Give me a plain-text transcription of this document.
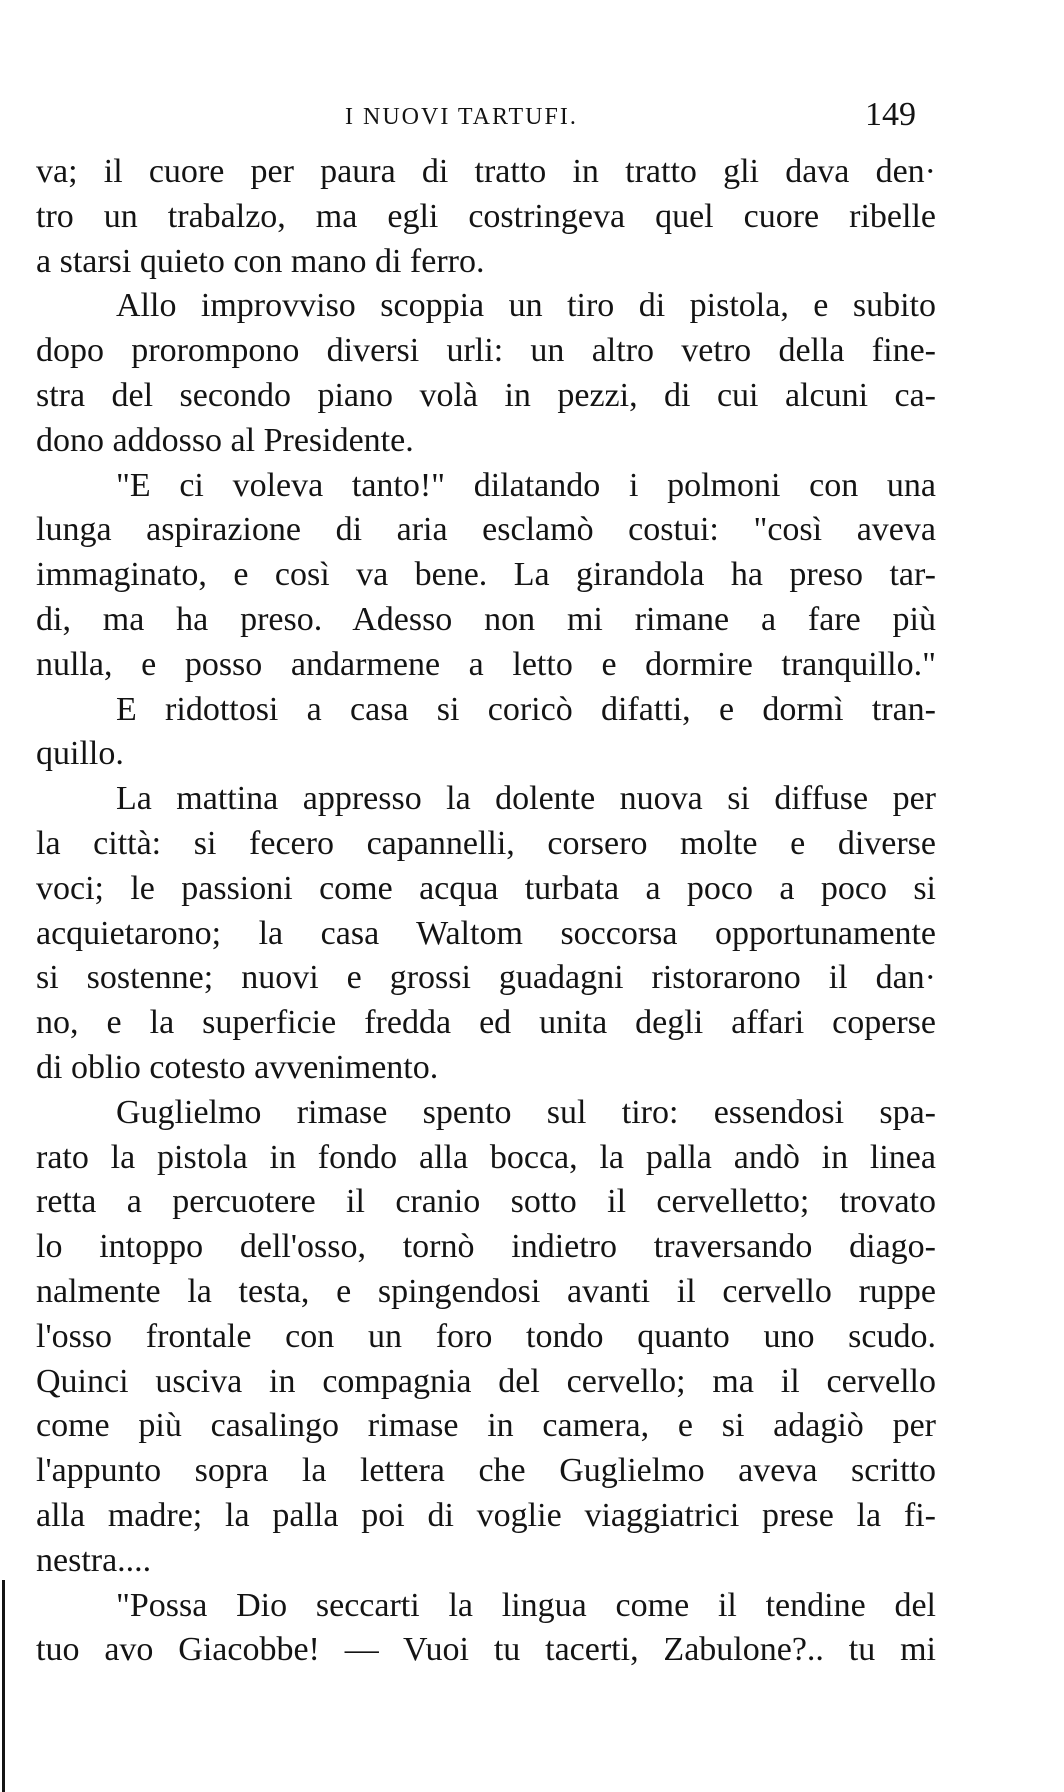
I NUOVI TARTUFI.	149
va; il cuore per paura di tratto in tratto gli dava den·
tro un trabalzo, ma egli costringeva quel cuore ribelle
a starsi quieto con mano di ferro.
Allo improvviso scoppia un tiro di pistola, e subito
dopo prorompono diversi urli: un altro vetro della fine-
stra del secondo piano volà in pezzi, di cui alcuni ca-
dono addosso al Presidente.
"E ci voleva tanto!" dilatando i polmoni con una
lunga aspirazione di aria esclamò costui: "così aveva
immaginato, e così va bene. La girandola ha preso tar-
di, ma ha preso. Adesso non mi rimane a fare più
nulla, e posso andarmene a letto e dormire tranquillo."
E ridottosi a casa si coricò difatti, e dormì tran-
quillo.
La mattina appresso la dolente nuova si diffuse per
la città: si fecero capannelli, corsero molte e diverse
voci; le passioni come acqua turbata a poco a poco si
acquietarono; la casa Waltom soccorsa opportunamente
si sostenne; nuovi e grossi guadagni ristorarono il dan·
no, e la superficie fredda ed unita degli affari coperse
di oblio cotesto avvenimento.
Guglielmo rimase spento sul tiro: essendosi spa-
rato la pistola in fondo alla bocca, la palla andò in linea
retta a percuotere il cranio sotto il cervelletto; trovato
lo intoppo dell'osso, tornò indietro traversando diago-
nalmente la testa, e spingendosi avanti il cervello ruppe
l'osso frontale con un foro tondo quanto uno scudo.
Quinci usciva in compagnia del cervello; ma il cervello
come più casalingo rimase in camera, e si adagiò per
l'appunto sopra la lettera che Guglielmo aveva scritto
alla madre; la palla poi di voglie viaggiatrici prese la fi-
nestra....
"Possa Dio seccarti la lingua come il tendine del
tuo avo Giacobbe! — Vuoi tu tacerti, Zabulone?.. tu mi
